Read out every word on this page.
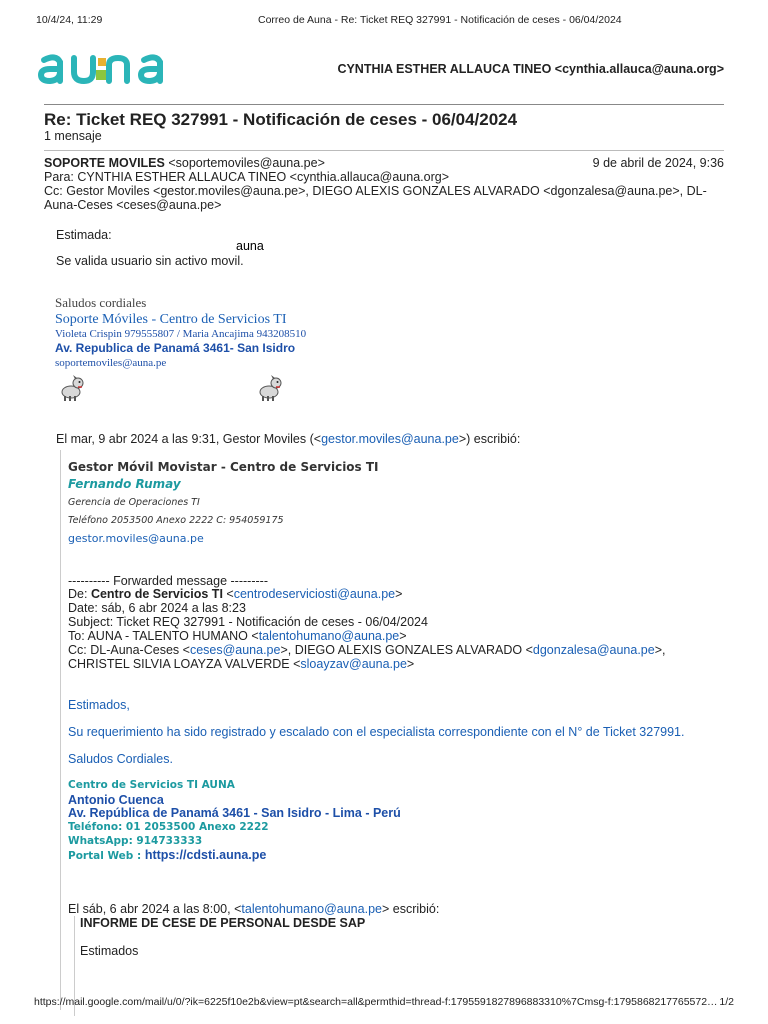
10/4/24, 11:29	Correo de Auna - Re: Ticket REQ 327991 - Notificación de ceses - 06/04/2024
auna
CYNTHIA ESTHER ALLAUCA TINEO <cynthia.allauca@auna.org>
Re: Ticket REQ 327991 - Notificación de ceses - 06/04/2024
1 mensaje
SOPORTE MOVILES <soportemoviles@auna.pe>	9 de abril de 2024, 9:36
Para: CYNTHIA ESTHER ALLAUCA TINEO <cynthia.allauca@auna.org>
Cc: Gestor Moviles <gestor.moviles@auna.pe>, DIEGO ALEXIS GONZALES ALVARADO <dgonzalesa@auna.pe>, DL-
Auna-Ceses <ceses@auna.pe>
Estimada:
Se valida usuario sin activo movil.
Saludos cordiales
Soporte Móviles - Centro de Servicios TI
Violeta Crispin 979555807 / Maria Ancajima 943208510
Av. Republica de Panamá 3461- San Isidro
soportemoviles@auna.pe
El mar, 9 abr 2024 a las 9:31, Gestor Moviles (<gestor.moviles@auna.pe>) escribió:
Gestor Móvil Movistar - Centro de Servicios TI
Fernando Rumay
Gerencia de Operaciones TI
Teléfono 2053500 Anexo 2222 C: 954059175
gestor.moviles@auna.pe
---------- Forwarded message ---------
De: Centro de Servicios TI <centrodeserviciosti@auna.pe>
Date: sáb, 6 abr 2024 a las 8:23
Subject: Ticket REQ 327991 - Notificación de ceses - 06/04/2024
To: AUNA - TALENTO HUMANO <talentohumano@auna.pe>
Cc: DL-Auna-Ceses <ceses@auna.pe>, DIEGO ALEXIS GONZALES ALVARADO <dgonzalesa@auna.pe>,
CHRISTEL SILVIA LOAYZA VALVERDE <sloayzav@auna.pe>
Estimados,
Su requerimiento ha sido registrado y escalado con el especialista correspondiente con el N° de Ticket 327991.
Saludos Cordiales.
Centro de Servicios TI AUNA
Antonio Cuenca
Av. República de Panamá 3461 - San Isidro - Lima - Perú
Teléfono: 01 2053500 Anexo 2222
WhatsApp: 914733333
Portal Web : https://cdsti.auna.pe
El sáb, 6 abr 2024 a las 8:00, <talentohumano@auna.pe> escribió:
INFORME DE CESE DE PERSONAL DESDE SAP
Estimados
https://mail.google.com/mail/u/0/?ik=6225f10e2b&view=pt&search=all&permthid=thread-f:1795591827896883310%7Cmsg-f:1795868217765572… 1/2
